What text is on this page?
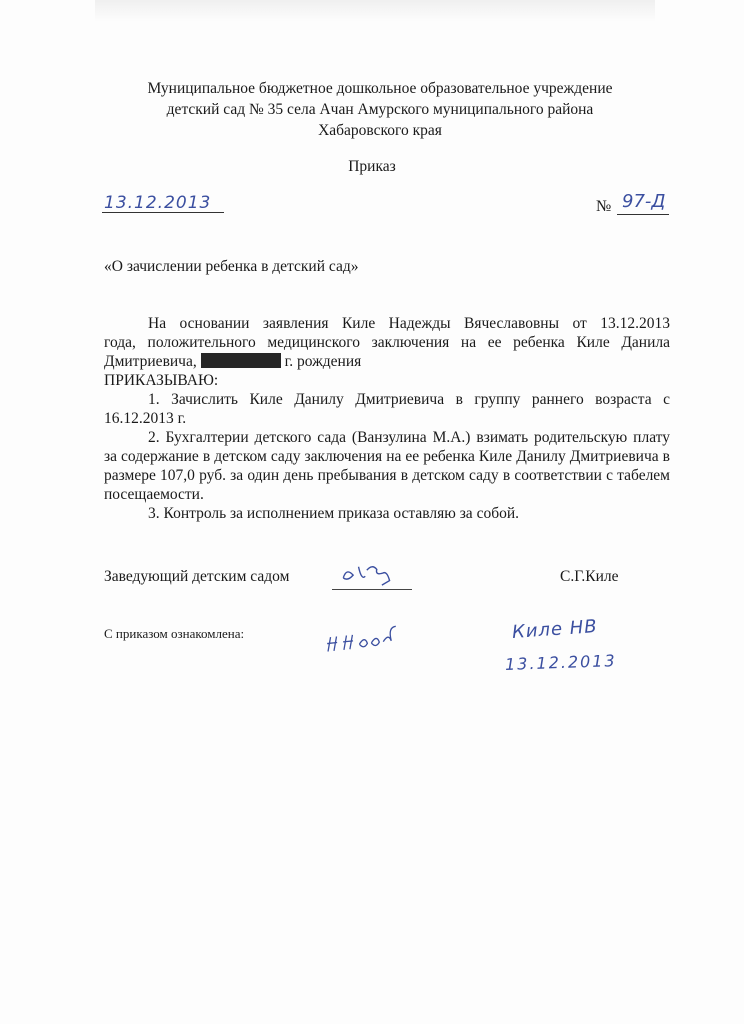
Муниципальное бюджетное дошкольное образовательное учреждение
детский сад № 35 села Ачан Амурского муниципального района
Хабаровского края
Приказ
13.12.2013	№ 97-Д
«О зачислении ребенка в детский сад»

На основании заявления Киле Надежды Вячеславовны от 13.12.2013

года, положительного медицинского заключения на ее ребенка Киле Данила

Дмитриевича,	г. рождения

ПРИКАЗЫВАЮ:

1. Зачислить Киле Данилу Дмитриевича в группу раннего возраста с 16.12.2013 г.

2. Бухгалтерии детского сада (Ванзулина М.А.) взимать родительскую плату за содержание в детском саду заключения на ее ребенка Киле Данилу Дмитриевича в размере 107,0 руб. за один день пребывания в детском саду в соответствии с табелем посещаемости.

3. Контроль за исполнением приказа оставляю за собой.

Заведующий детским садом	С.Г.Киле
С приказом ознакомлена:	Киле НВ
13.12.2013
